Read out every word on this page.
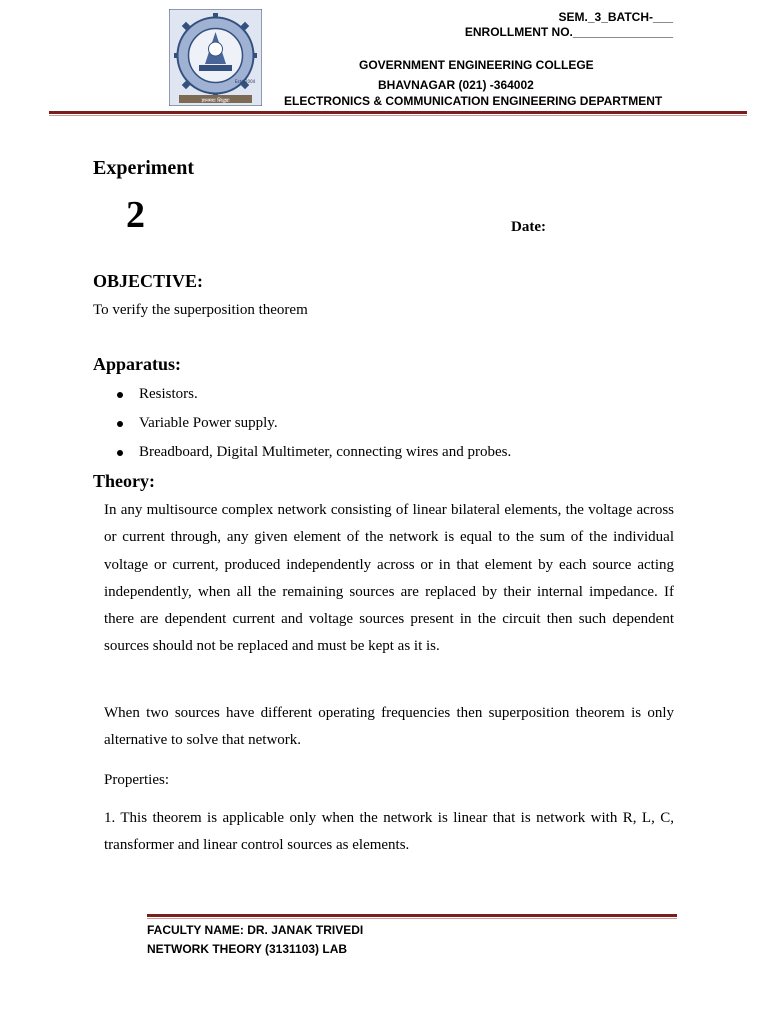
ज्ञानमयः सिद्ध्यः
Estd 2004
SEM._3_BATCH-___
ENROLLMENT NO._______________
GOVERNMENT ENGINEERING COLLEGE
BHAVNAGAR (021) -364002
ELECTRONICS & COMMUNICATION ENGINEERING DEPARTMENT
Experiment
2	Date:
OBJECTIVE:
To verify the superposition theorem
Apparatus:
Resistors.
Variable Power supply.
Breadboard, Digital Multimeter, connecting wires and probes.
Theory:

In any multisource complex network consisting of linear bilateral elements, the voltage across or current through, any given element of the network is equal to the sum of the individual voltage or current, produced independently across or in that element by each source acting independently, when all the remaining sources are replaced by their internal impedance. If there are dependent current and voltage sources present in the circuit then such dependent sources should not be replaced and must be kept as it is.

When two sources have different operating frequencies then superposition theorem is only alternative to solve that network.

Properties:

1. This theorem is applicable only when the network is linear that is network with R, L, C, transformer and linear control sources as elements.

FACULTY NAME: DR. JANAK TRIVEDI
NETWORK THEORY (3131103) LAB
